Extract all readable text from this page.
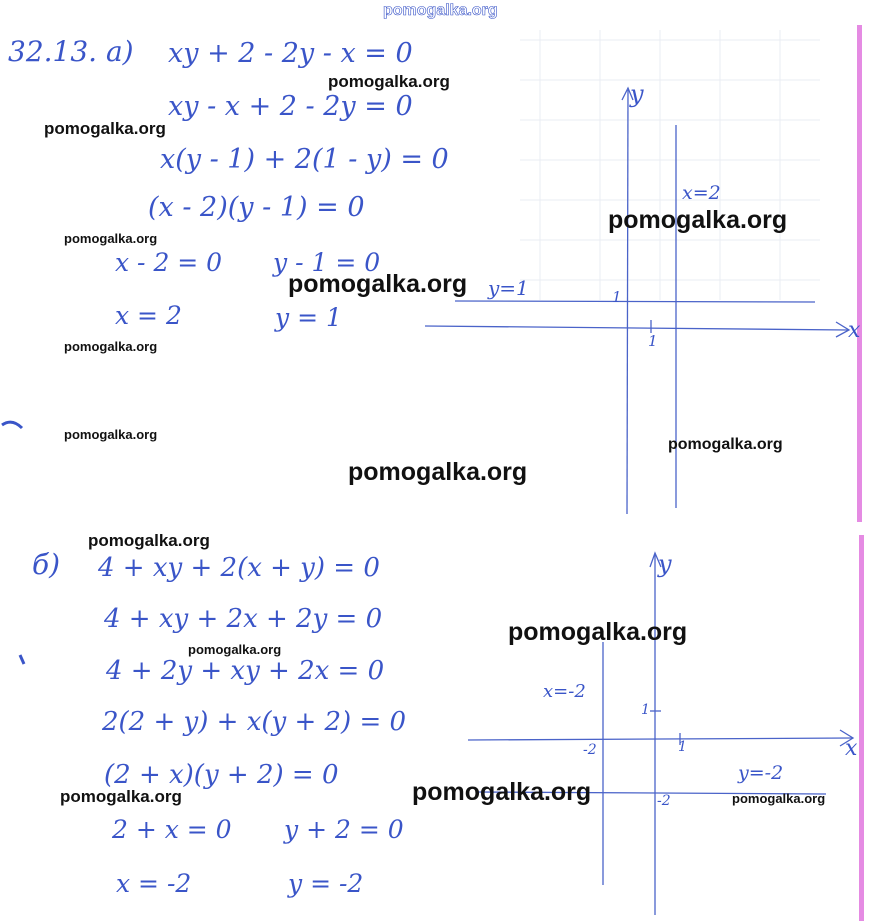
pomogalka.org
32.13. а) xy + 2 - 2y - x = 0
xy - x + 2 - 2y = 0
x(y - 1) + 2(1 - y) = 0
(x - 2)(y - 1) = 0
x - 2 = 0
x = 2
y - 1 = 0
y = 1
y
x
x=2
y=1	1
1
б) 4 + xy + 2(x + y) = 0
4 + xy + 2x + 2y = 0
4 + 2y + xy + 2x = 0
2(2 + y) + x(y + 2) = 0
(2 + x)(y + 2) = 0
2 + x = 0
x = -2
y + 2 = 0
y = -2
y
x
x=-2
y=-2
1
1
-2
-2
pomogalka.org
pomogalka.org
pomogalka.org
pomogalka.org
pomogalka.org
pomogalka.org
pomogalka.org
pomogalka.org
pomogalka.org
pomogalka.org
pomogalka.org
pomogalka.org
pomogalka.org	pomogalka.org	pomogalka.org
